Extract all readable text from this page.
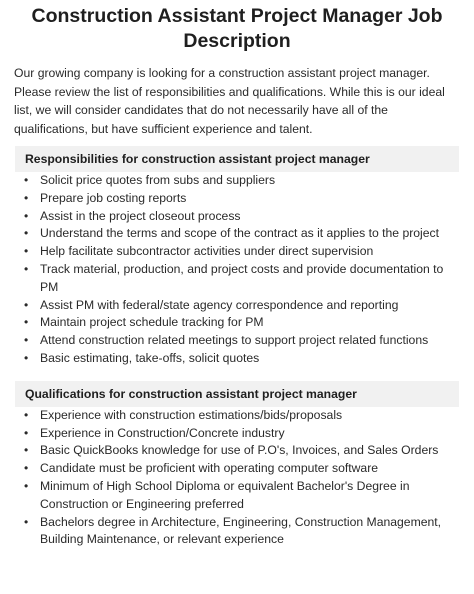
Construction Assistant Project Manager Job Description

Our growing company is looking for a construction assistant project manager. Please review the list of responsibilities and qualifications. While this is our ideal list, we will consider candidates that do not necessarily have all of the qualifications, but have sufficient experience and talent.

Responsibilities for construction assistant project manager
• Solicit price quotes from subs and suppliers
• Prepare job costing reports
• Assist in the project closeout process
• Understand the terms and scope of the contract as it applies to the project
• Help facilitate subcontractor activities under direct supervision
• Track material, production, and project costs and provide documentation to PM
• Assist PM with federal/state agency correspondence and reporting
• Maintain project schedule tracking for PM
• Attend construction related meetings to support project related functions
• Basic estimating, take-offs, solicit quotes
Qualifications for construction assistant project manager
• Experience with construction estimations/bids/proposals
• Experience in Construction/Concrete industry
• Basic QuickBooks knowledge for use of P.O's, Invoices, and Sales Orders
• Candidate must be proficient with operating computer software
• Minimum of High School Diploma or equivalent Bachelor's Degree in Construction or Engineering preferred
• Bachelors degree in Architecture, Engineering, Construction Management, Building Maintenance, or relevant experience
